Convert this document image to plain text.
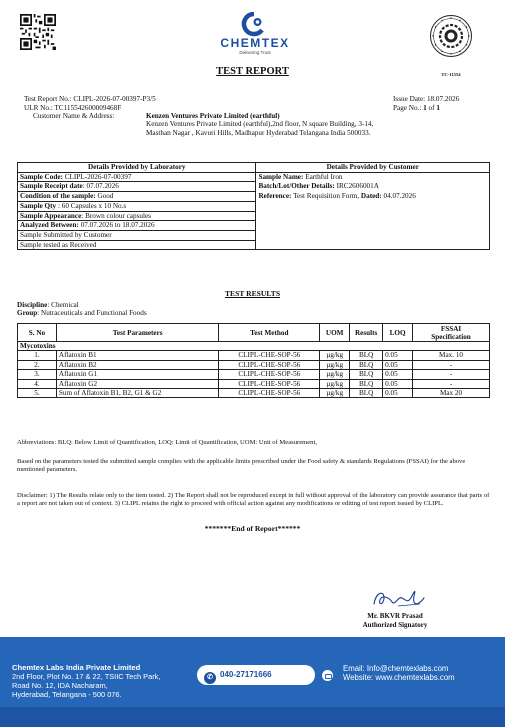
CHEMTEX
Delivering Trust
TC-11554
TEST REPORT
Test Report No.: CLIPL-2026-07-00397-P3/5
ULR No.: TC115542600009468F
Issue Date: 18.07.2026
Page No.: 1 of 1
Customer Name & Address:	Kenzen Ventures Private Limited (earthful)
Kenzen Ventures Private Limited (earthful),2nd floor, N square Building, 3-14,
Masthan Nagar , Kavuri Hills, Madhapur Hyderabad Telangana India 500033.
Details Provided by Laboratory	Details Provided by Customer
Sample Code: CLIPL-2026-07-00397	Sample Name: Earthful Iron
Sample Receipt date: 07.07.2026	Batch/Lot/Other Details: IRC2606001A
Condition of the sample: Good	Reference: Test Requisition Form, Dated: 04.07.2026
Sample Qty : 60 Capsules x 10 No.s	
Sample Appearance: Brown colour capsules	
Analyzed Between: 07.07.2026 to 18.07.2026	
Sample Submitted by Customer	
Sample tested as Received	
TEST RESULTS
Discipline: Chemical
Group: Nutraceuticals and Functional Foods
S. No	Test Parameters	Test Method	UOM	Results	LOQ	FSSAI
Specification
Mycotoxins						
1.	Aflatoxin B1	CLIPL-CHE-SOP-56	µg/kg	BLQ	0.05	Max. 10
2.	Aflatoxin B2	CLIPL-CHE-SOP-56	µg/kg	BLQ	0.05	-
3.	Aflatoxin G1	CLIPL-CHE-SOP-56	µg/kg	BLQ	0.05	-
4.	Aflatoxin G2	CLIPL-CHE-SOP-56	µg/kg	BLQ	0.05	-
5.	Sum of Aflatoxin B1, B2, G1 & G2	CLIPL-CHE-SOP-56	µg/kg	BLQ	0.05	Max 20
Abbreviations: BLQ: Below Limit of Quantification, LOQ: Limit of Quantification, UOM: Unit of Measurement,
Based on the parameters tested the submitted sample complies with the applicable limits prescribed under the Food safety & standards Regulations (FSSAI) for the above mentioned parameters.
Disclaimer: 1) The Results relate only to the item tested. 2) The Report shall not be reproduced except in full without approval of the laboratory can provide assurance that parts of a report are not taken out of context. 3) CLIPL retains the right to proceed with official action against any modifications or editing of test report issued by CLIPL.
*******End of Report******
Mr. BKVR Prasad
Authorized Signatory
Chemtex Labs India Private Limited
2nd Floor, Plot No. 17 & 22, TSIIC Tech Park,
Road No. 12, IDA Nacharam,
Hyderabad, Telangana - 500 076.
✆ 040-27171666
Email: Info@chemtexlabs.com
Website: www.chemtexlabs.com
